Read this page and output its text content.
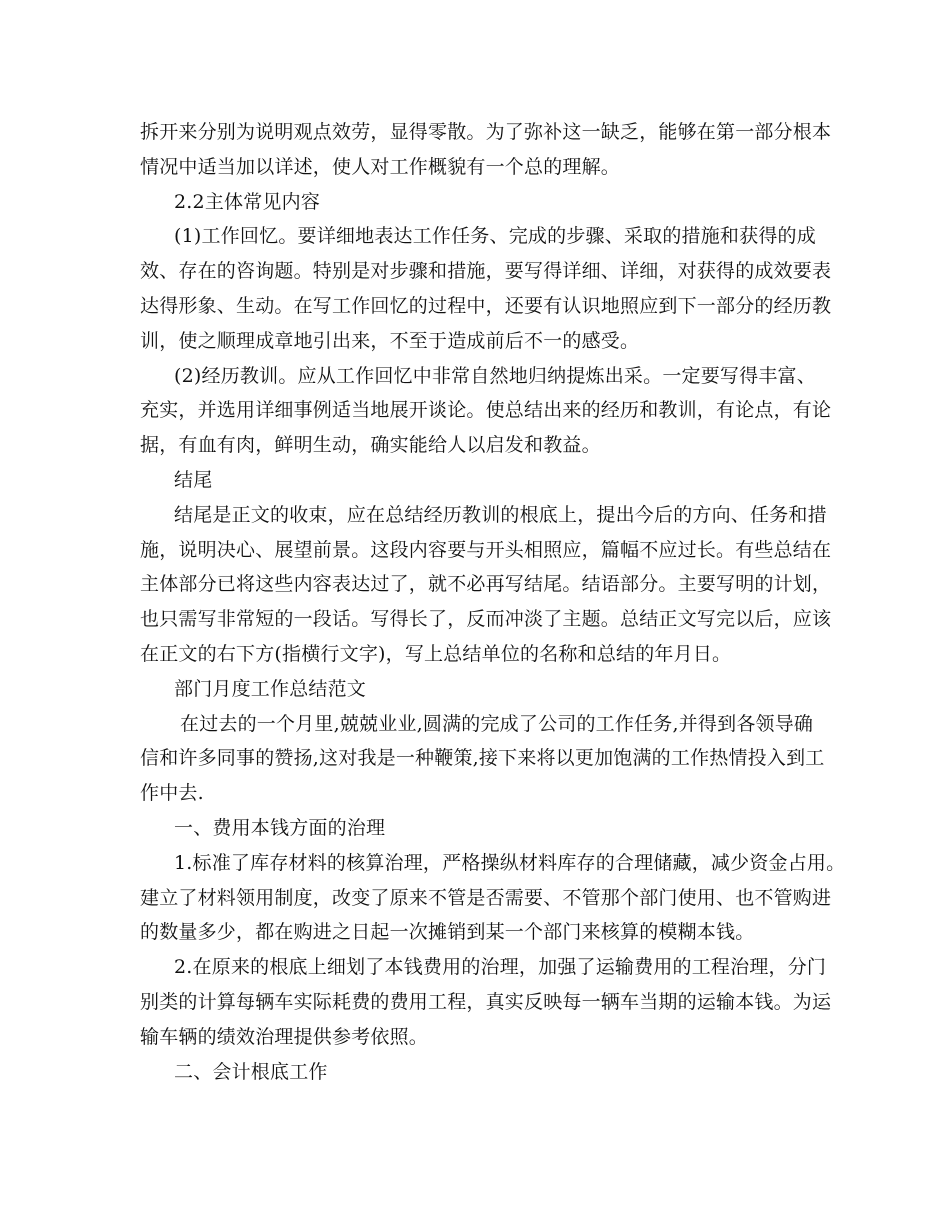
拆开来分别为说明观点效劳，显得零散。为了弥补这一缺乏，能够在第一部分根本
情况中适当加以详述，使人对工作概貌有一个总的理解。
2.2主体常见内容
(1)工作回忆。要详细地表达工作任务、完成的步骤、采取的措施和获得的成
效、存在的咨询题。特别是对步骤和措施，要写得详细、详细，对获得的成效要表
达得形象、生动。在写工作回忆的过程中，还要有认识地照应到下一部分的经历教
训，使之顺理成章地引出来，不至于造成前后不一的感受。
(2)经历教训。应从工作回忆中非常自然地归纳提炼出采。一定要写得丰富、
充实，并选用详细事例适当地展开谈论。使总结出来的经历和教训，有论点，有论
据，有血有肉，鲜明生动，确实能给人以启发和教益。
结尾
结尾是正文的收束，应在总结经历教训的根底上，提出今后的方向、任务和措
施，说明决心、展望前景。这段内容要与开头相照应，篇幅不应过长。有些总结在
主体部分已将这些内容表达过了，就不必再写结尾。结语部分。主要写明的计划，
也只需写非常短的一段话。写得长了，反而冲淡了主题。总结正文写完以后，应该
在正文的右下方(指横行文字)，写上总结单位的名称和总结的年月日。
部门月度工作总结范文
在过去的一个月里,兢兢业业,圆满的完成了公司的工作任务,并得到各领导确
信和许多同事的赞扬,这对我是一种鞭策,接下来将以更加饱满的工作热情投入到工
作中去.
一、费用本钱方面的治理
1.标准了库存材料的核算治理，严格操纵材料库存的合理储藏，减少资金占用。
建立了材料领用制度，改变了原来不管是否需要、不管那个部门使用、也不管购进
的数量多少，都在购进之日起一次摊销到某一个部门来核算的模糊本钱。
2.在原来的根底上细划了本钱费用的治理，加强了运输费用的工程治理，分门
别类的计算每辆车实际耗费的费用工程，真实反映每一辆车当期的运输本钱。为运
输车辆的绩效治理提供参考依照。
二、会计根底工作
